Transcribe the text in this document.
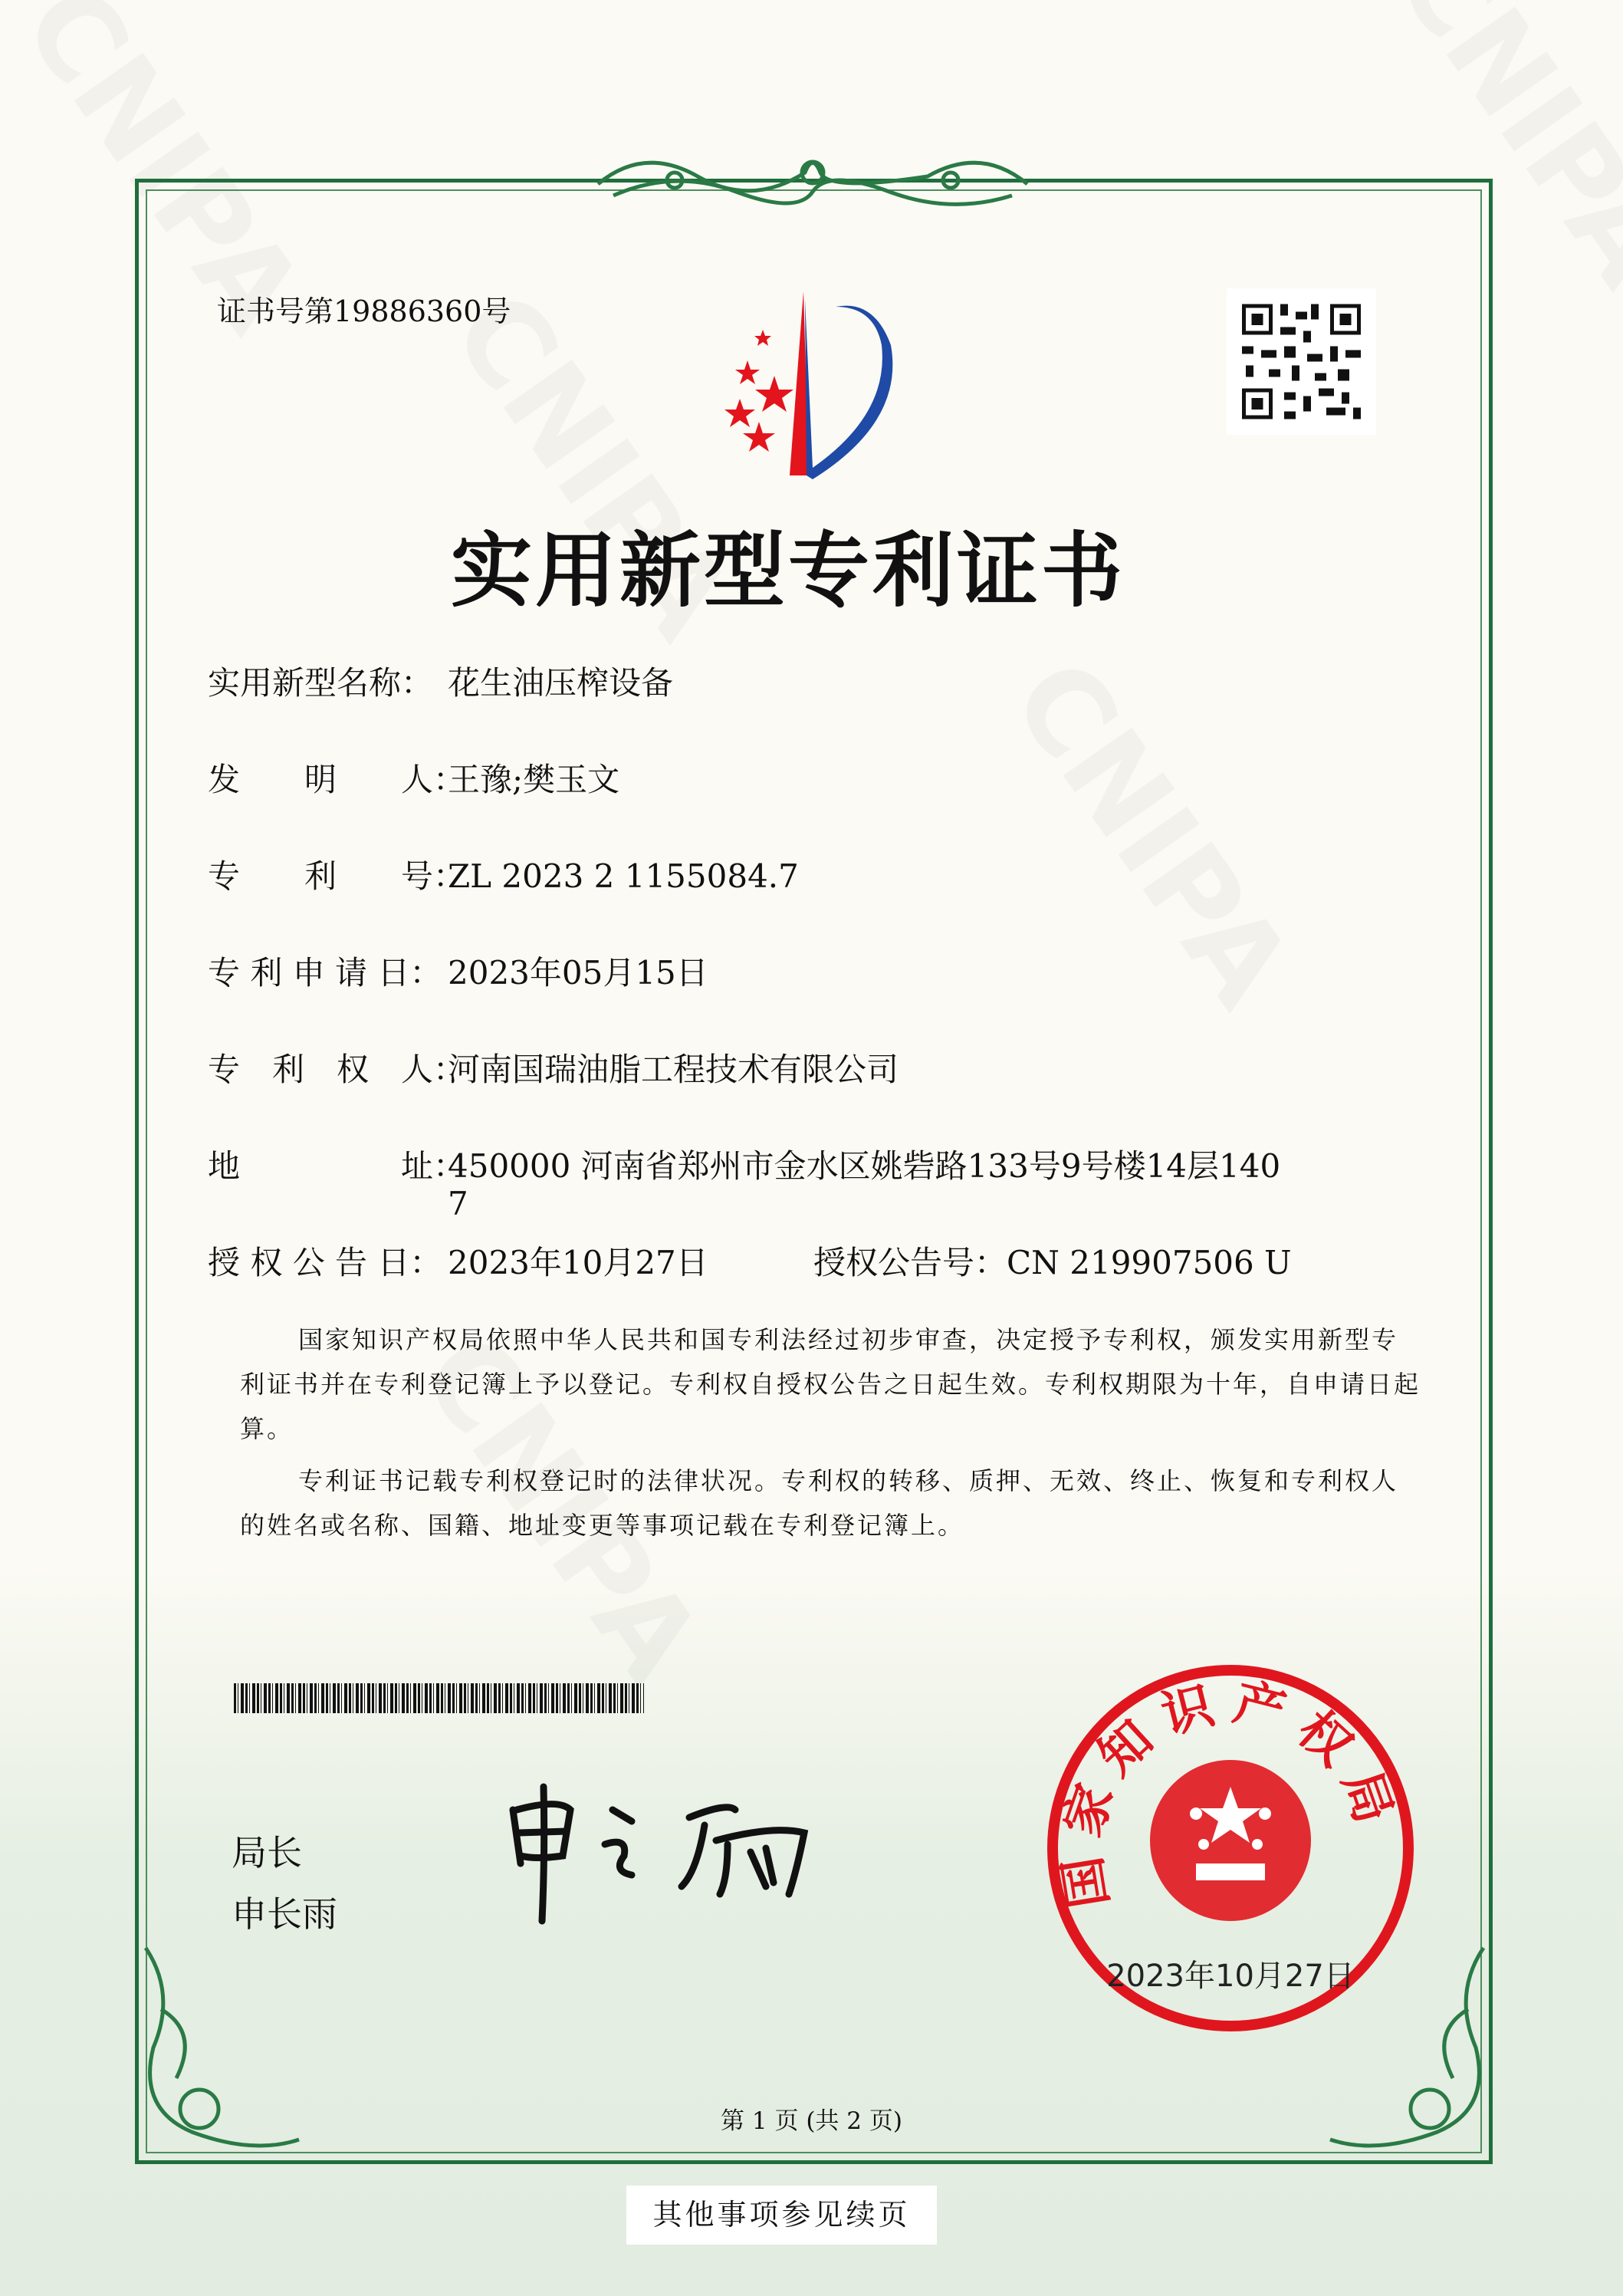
证书号第19886360号
实用新型专利证书
实用新型名称： 花生油压榨设备
发　　明　　人：王豫;樊玉文
专　　利　　号：ZL 2023 2 1155084.7
专 利 申 请 日： 2023年05月15日
专　利　权　人：河南国瑞油脂工程技术有限公司
地　　　　　址：450000 河南省郑州市金水区姚砦路133号9号楼14层140
7
授 权 公 告 日： 2023年10月27日	授权公告号：CN 219907506 U

国家知识产权局依照中华人民共和国专利法经过初步审查，决定授予专利权，颁发实用新型专利证书并在专利登记簿上予以登记。专利权自授权公告之日起生效。专利权期限为十年，自申请日起算。

专利证书记载专利权登记时的法律状况。专利权的转移、质押、无效、终止、恢复和专利权人的姓名或名称、国籍、地址变更等事项记载在专利登记簿上。

局长
申长雨
国家知识产权局
2023年10月27日
第 1 页 (共 2 页)
其他事项参见续页
